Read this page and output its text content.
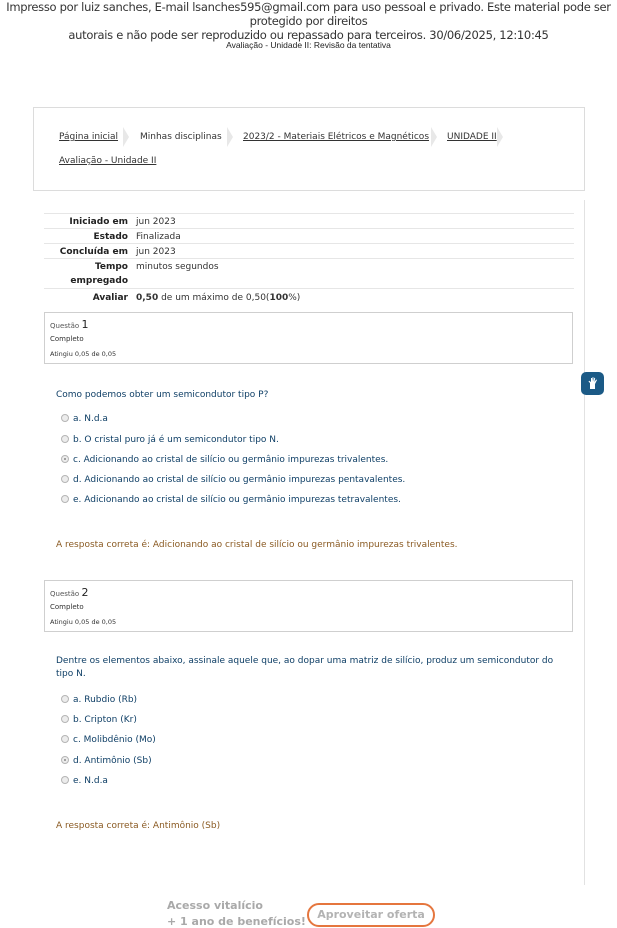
Impresso por luiz sanches, E-mail lsanches595@gmail.com para uso pessoal e privado. Este material pode ser protegido por direitos
autorais e não pode ser reproduzido ou repassado para terceiros. 30/06/2025, 12:10:45
Avaliação - Unidade II: Revisão da tentativa
Página inicial Minhas disciplinas 2023/2 - Materiais Elétricos e Magnéticos UNIDADE II
Avaliação - Unidade II
Iniciado em jun 2023
Estado Finalizada
Concluída em jun 2023
Tempo
empregado
minutos segundos
Avaliar 0,50 de um máximo de 0,50(100%)
Questão 1
Completo
Atingiu 0,05 de 0,05
Como podemos obter um semicondutor tipo P?
a. N.d.a
b. O cristal puro já é um semicondutor tipo N.
c. Adicionando ao cristal de silício ou germânio impurezas trivalentes.
d. Adicionando ao cristal de silício ou germânio impurezas pentavalentes.
e. Adicionando ao cristal de silício ou germânio impurezas tetravalentes.
A resposta correta é: Adicionando ao cristal de silício ou germânio impurezas trivalentes.
Questão 2
Completo
Atingiu 0,05 de 0,05
Dentre os elementos abaixo, assinale aquele que, ao dopar uma matriz de silício, produz um semicondutor do tipo N.
a. Rubdio (Rb)
b. Cripton (Kr)
c. Molibdênio (Mo)
d. Antimônio (Sb)
e. N.d.a
A resposta correta é: Antimônio (Sb)
Acesso vitalício
+ 1 ano de benefícios!
Aproveitar oferta
